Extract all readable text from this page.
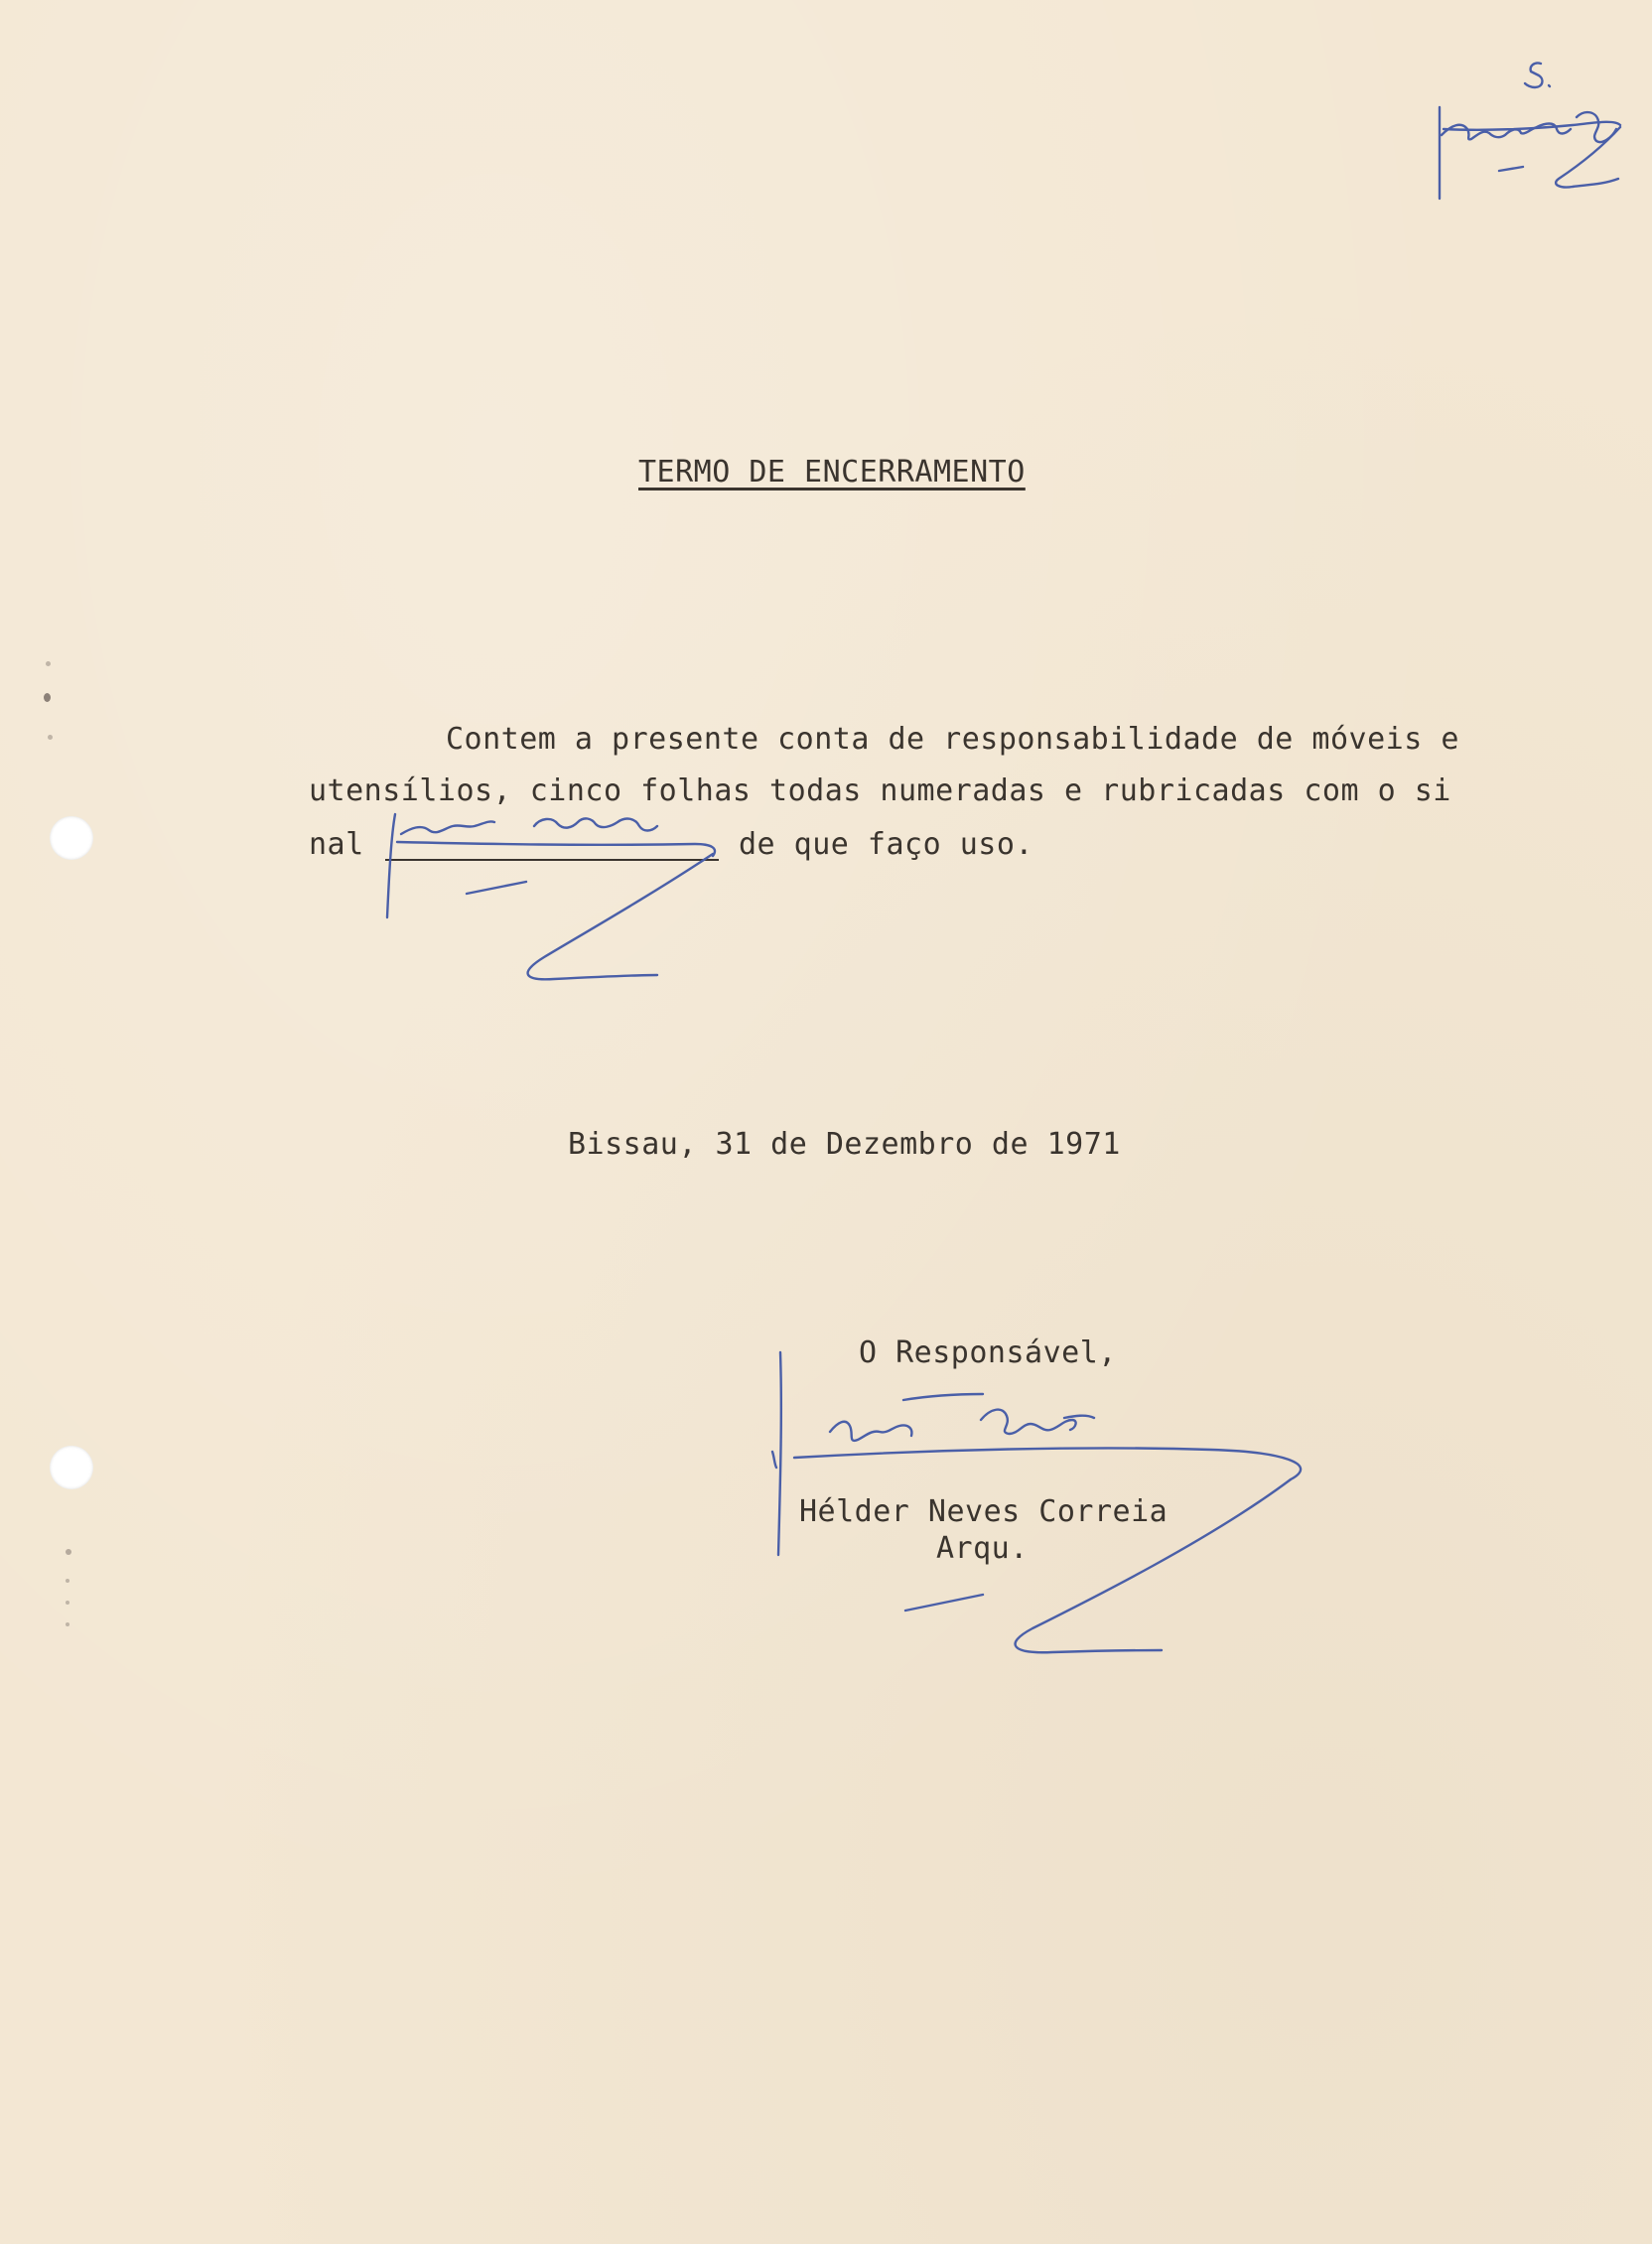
TERMO DE ENCERRAMENTO
Contem a presente conta de responsabilidade de móveis e
utensílios, cinco folhas todas numeradas e rubricadas com o si
nal	de que faço uso.
Bissau, 31 de Dezembro de 1971
O Responsável,
Hélder Neves Correia
Arqu.
